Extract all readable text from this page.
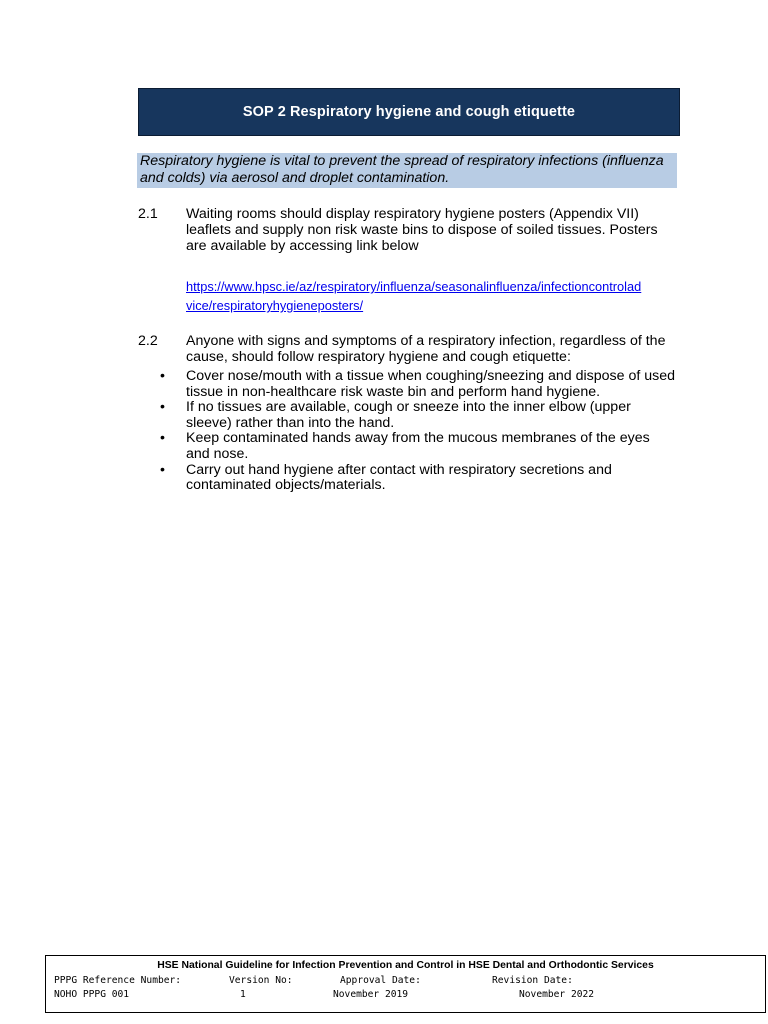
SOP 2 Respiratory hygiene and cough etiquette
Respiratory hygiene is vital to prevent the spread of respiratory infections (influenza
and colds) via aerosol and droplet contamination.
2.1 Waiting rooms should display respiratory hygiene posters (Appendix VII)
leaflets and supply non risk waste bins to dispose of soiled tissues. Posters
are available by accessing link below
https://www.hpsc.ie/az/respiratory/influenza/seasonalinfluenza/infectioncontrolad
vice/respiratoryhygieneposters/
2.2 Anyone with signs and symptoms of a respiratory infection, regardless of the
cause, should follow respiratory hygiene and cough etiquette:
• Cover nose/mouth with a tissue when coughing/sneezing and dispose of used
tissue in non-healthcare risk waste bin and perform hand hygiene.
• If no tissues are available, cough or sneeze into the inner elbow (upper
sleeve) rather than into the hand.
• Keep contaminated hands away from the mucous membranes of the eyes
and nose.
• Carry out hand hygiene after contact with respiratory secretions and
contaminated objects/materials.
HSE National Guideline for Infection Prevention and Control in HSE Dental and Orthodontic Services
PPPG Reference Number:	Version No:	Approval Date:	Revision Date:
NOHO PPPG 001	1	November 2019	November 2022
